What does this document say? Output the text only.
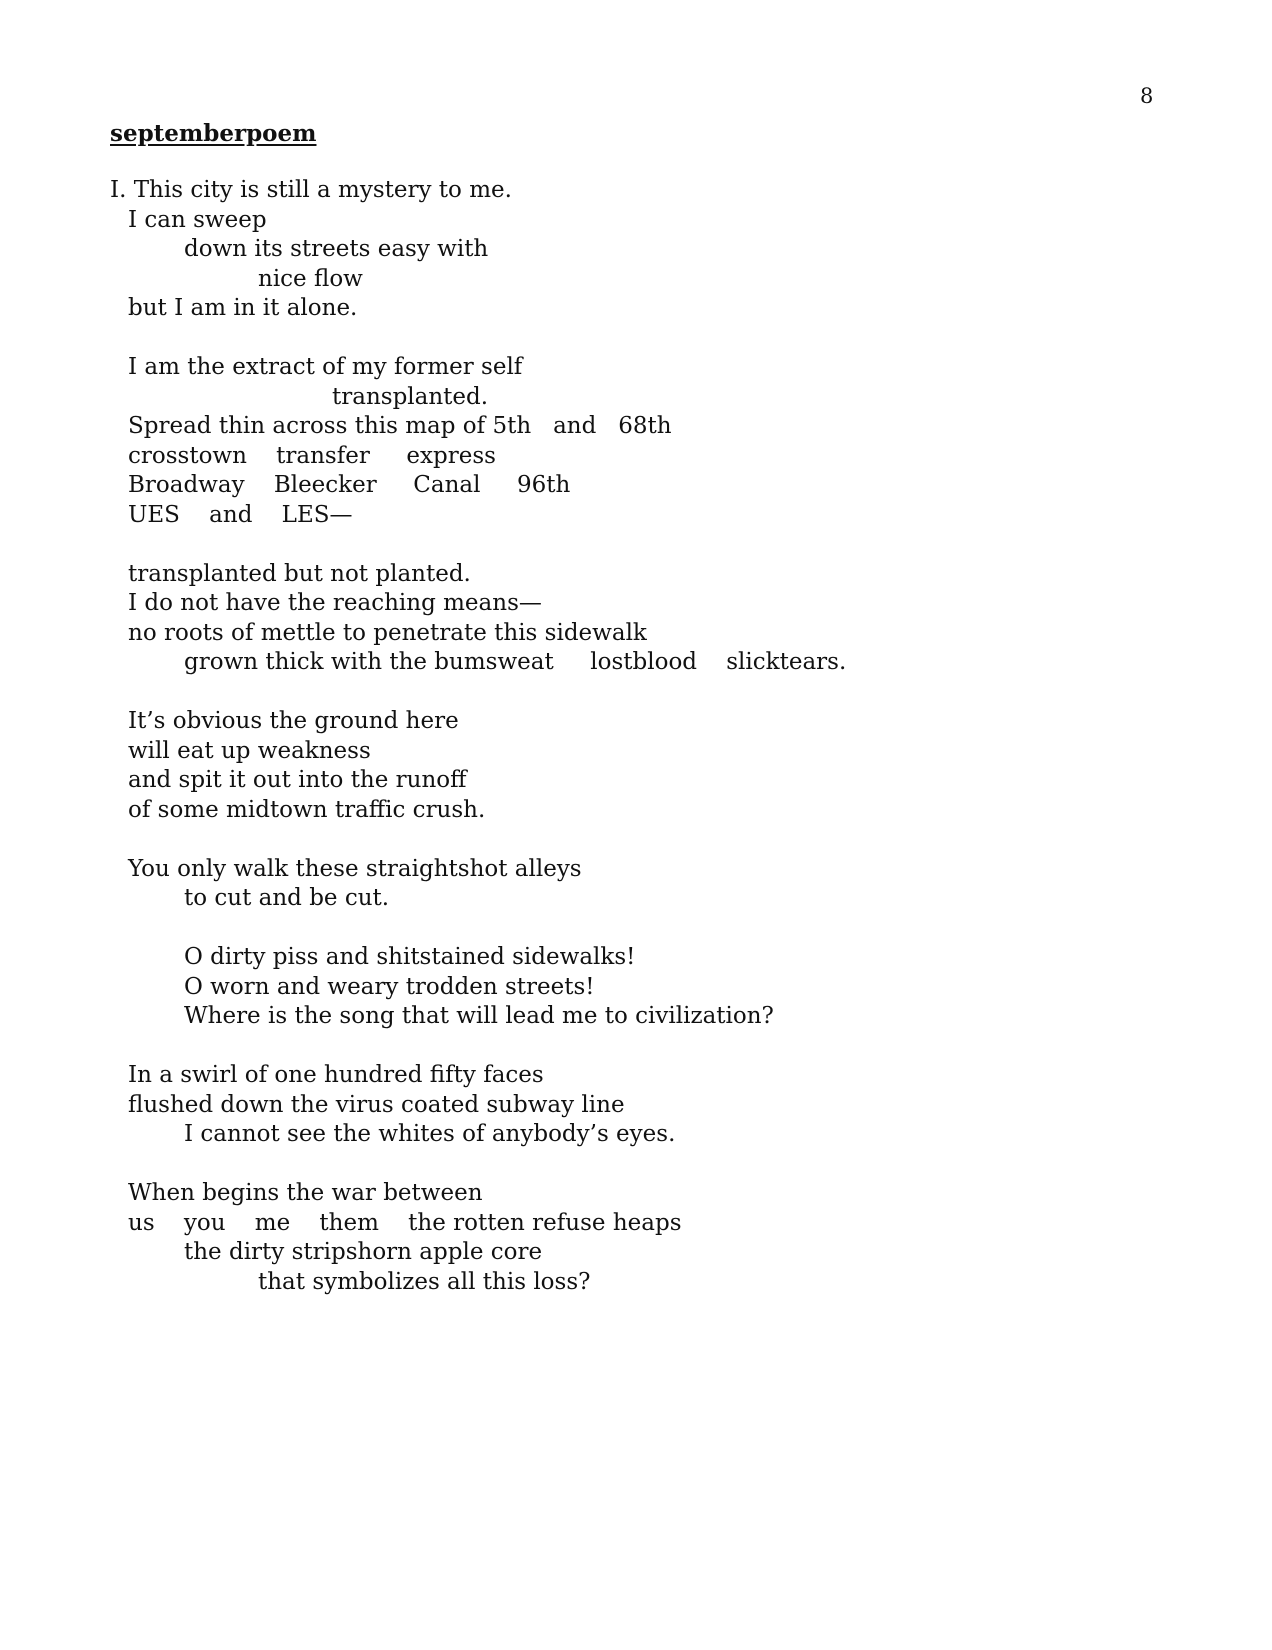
8
septemberpoem
I. This city is still a mystery to me.
I can sweep
down its streets easy with
nice flow
but I am in it alone.
I am the extract of my former self
transplanted.
Spread thin across this map of 5th   and   68th
crosstown    transfer     express
Broadway    Bleecker     Canal     96th
UES    and    LES—
transplanted but not planted.
I do not have the reaching means—
no roots of mettle to penetrate this sidewalk
grown thick with the bumsweat     lostblood    slicktears.
It’s obvious the ground here
will eat up weakness
and spit it out into the runoff
of some midtown traffic crush.
You only walk these straightshot alleys
to cut and be cut.
O dirty piss and shitstained sidewalks!
O worn and weary trodden streets!
Where is the song that will lead me to civilization?
In a swirl of one hundred fifty faces
flushed down the virus coated subway line
I cannot see the whites of anybody’s eyes.
When begins the war between
us    you    me    them    the rotten refuse heaps
the dirty stripshorn apple core
that symbolizes all this loss?
